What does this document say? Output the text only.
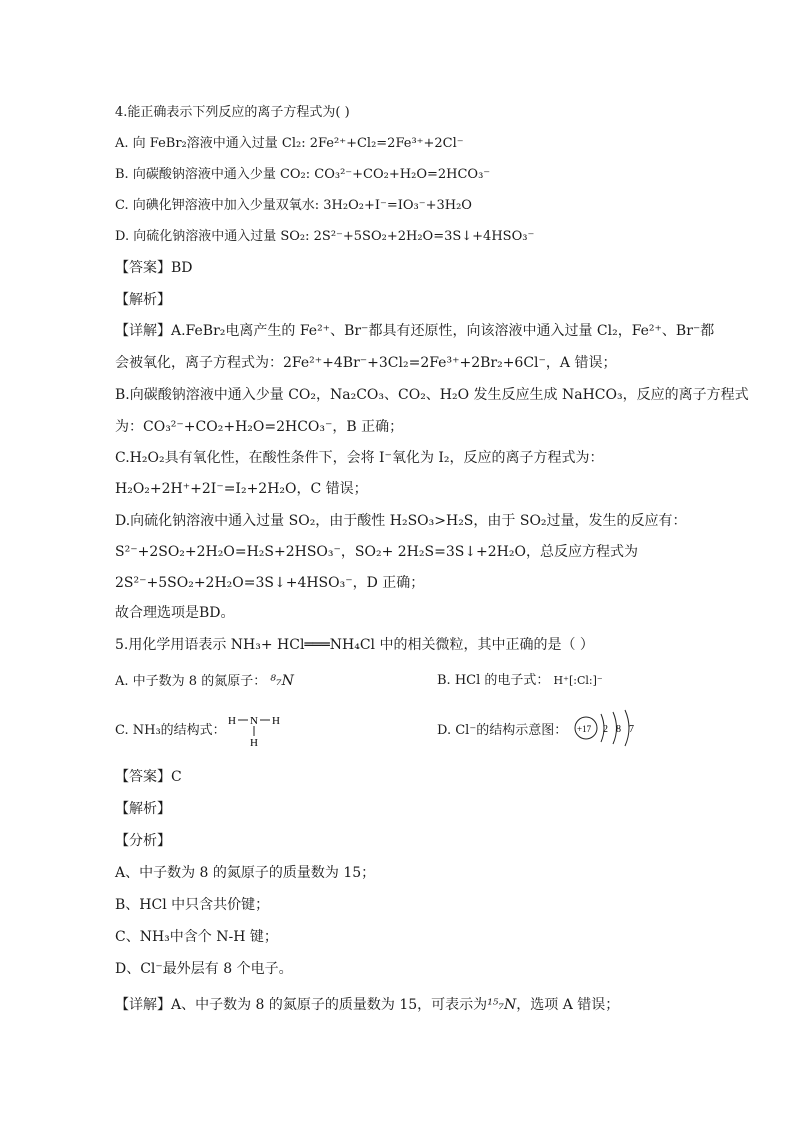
4.能正确表示下列反应的离子方程式为( )
A. 向 FeBr₂溶液中通入过量 Cl₂: 2Fe²⁺+Cl₂=2Fe³⁺+2Cl⁻
B. 向碳酸钠溶液中通入少量 CO₂: CO₃²⁻+CO₂+H₂O=2HCO₃⁻
C. 向碘化钾溶液中加入少量双氧水: 3H₂O₂+I⁻=IO₃⁻+3H₂O
D. 向硫化钠溶液中通入过量 SO₂: 2S²⁻+5SO₂+2H₂O=3S↓+4HSO₃⁻
【答案】BD
【解析】
【详解】A.FeBr₂电离产生的 Fe²⁺、Br⁻都具有还原性，向该溶液中通入过量 Cl₂，Fe²⁺、Br⁻都
会被氧化，离子方程式为：2Fe²⁺+4Br⁻+3Cl₂=2Fe³⁺+2Br₂+6Cl⁻，A 错误；
B.向碳酸钠溶液中通入少量 CO₂，Na₂CO₃、CO₂、H₂O 发生反应生成 NaHCO₃，反应的离子方程式
为：CO₃²⁻+CO₂+H₂O=2HCO₃⁻，B 正确；
C.H₂O₂具有氧化性，在酸性条件下，会将 I⁻氧化为 I₂，反应的离子方程式为：
H₂O₂+2H⁺+2I⁻=I₂+2H₂O，C 错误；
D.向硫化钠溶液中通入过量 SO₂，由于酸性 H₂SO₃>H₂S，由于 SO₂过量，发生的反应有：
S²⁻+2SO₂+2H₂O=H₂S+2HSO₃⁻，SO₂+ 2H₂S=3S↓+2H₂O，总反应方程式为
2S²⁻+5SO₂+2H₂O=3S↓+4HSO₃⁻，D 正确；
故合理选项是BD。
5.用化学用语表示 NH₃+ HCl═══NH₄Cl 中的相关微粒，其中正确的是（ ）
A. 中子数为 8 的氮原子： ⁸₇N	B. HCl 的电子式： H⁺[:Cl:]⁻
C. NH₃的结构式：
H N H
H
D. Cl⁻的结构示意图： +17 2 8 7
【答案】C
【解析】
【分析】
A、中子数为 8 的氮原子的质量数为 15；
B、HCl 中只含共价键；
C、NH₃中含个 N-H 键；
D、Cl⁻最外层有 8 个电子。
【详解】A、中子数为 8 的氮原子的质量数为 15，可表示为¹⁵₇N，选项 A 错误；
